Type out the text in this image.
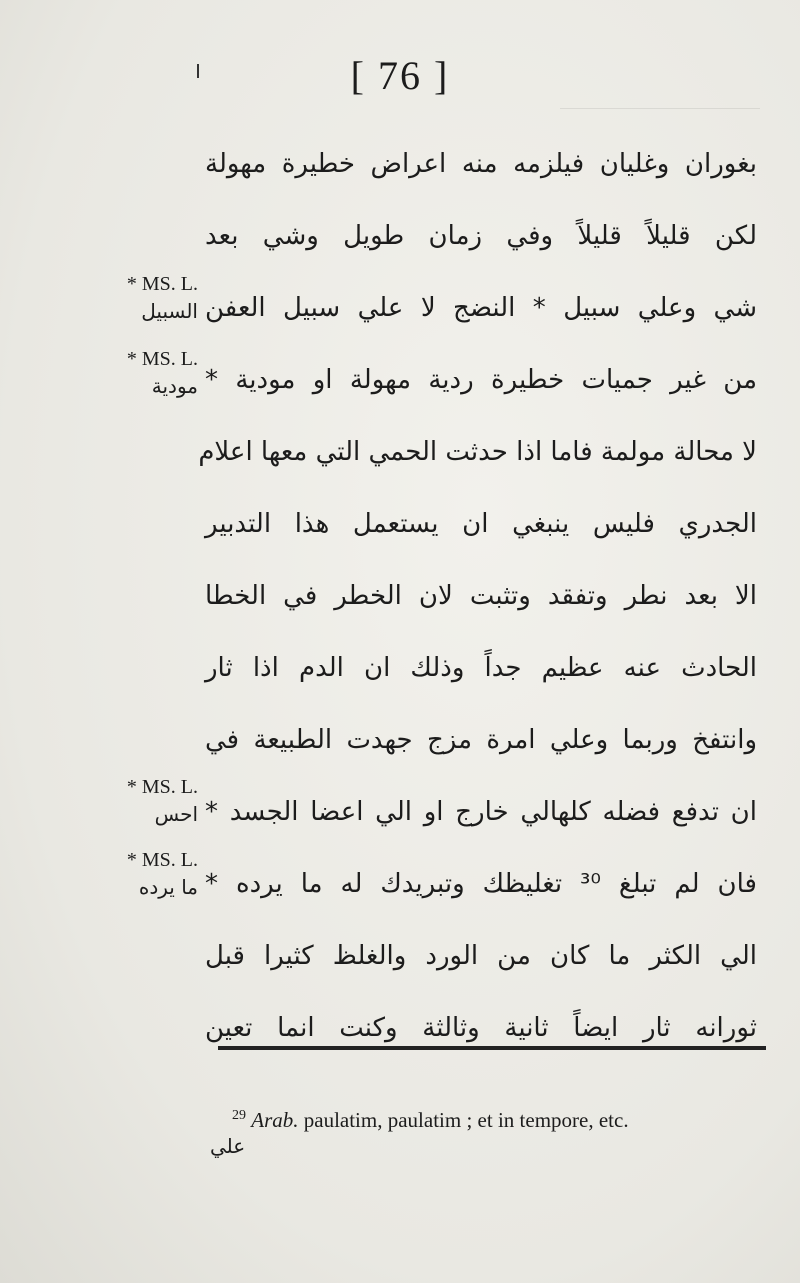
[ 76 ]
بغوران وغليان فيلزمه منه اعراض خطيرة مهولة
لكن قليلاً قليلاً وفي زمان طويل وشي بعد
شي وعلي سبيل * النضج لا علي سبيل العفن
من غير جميات خطيرة ردية مهولة او مودية *
لا محالة مولمة فاما اذا حدثت الحمي التي معها اعلام
الجدري فليس ينبغي ان يستعمل هذا التدبير
الا بعد نطر وتفقد وتثبت لان الخطر في الخطا
الحادث عنه عظيم جداً وذلك ان الدم اذا ثار
وانتفخ وربما وعلي امرة مزج جهدت الطبيعة في
ان تدفع فضله كلهالي خارج او الي اعضا الجسد *
فان لم تبلغ ³⁰ تغليظك وتبريدك له ما يرده *
الي الكثر ما كان من الورد والغلظ كثيرا قبل
ثورانه ثار ايضاً ثانية وثالثة وكنت انما تعين
* MS. L.
السبيل
* MS. L.
مودية
* MS. L.
احس
* MS. L.
ما يرده
$^{29}$ Arab. paulatim, paulatim ; et in tempore, etc.
علي
